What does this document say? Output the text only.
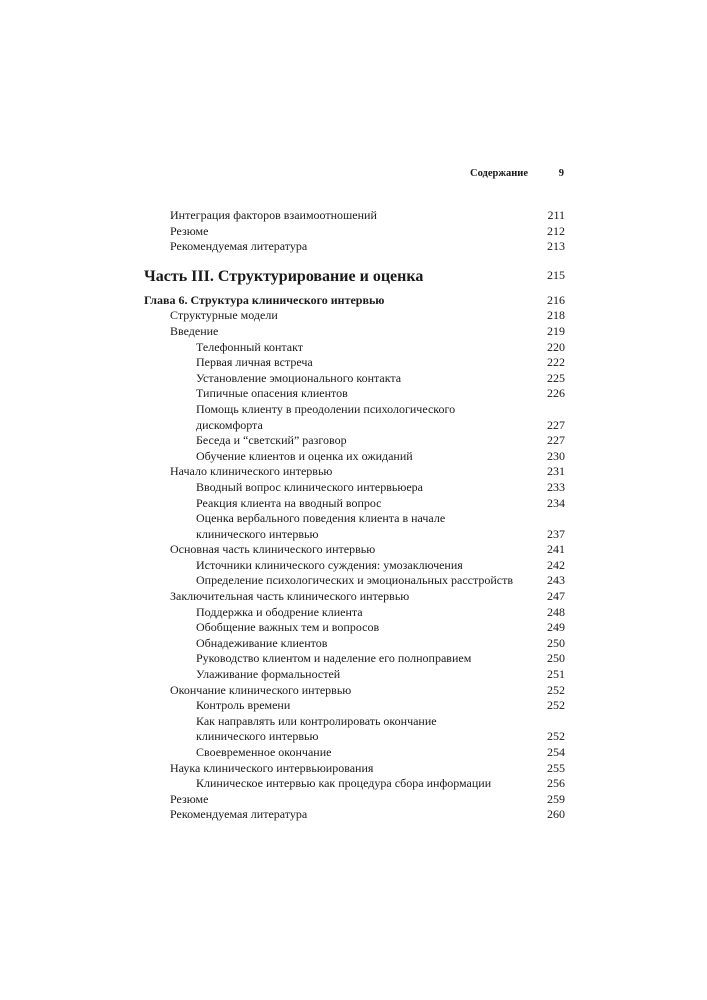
Содержание	9
Интеграция факторов взаимоотношений	211
Резюме	212
Рекомендуемая литература	213
Часть III. Структурирование и оценка	215
Глава 6. Структура клинического интервью	216
Структурные модели	218
Введение	219
Телефонный контакт	220
Первая личная встреча	222
Установление эмоционального контакта	225
Типичные опасения клиентов	226
Помощь клиенту в преодолении психологического
дискомфорта	227
Беседа и “светский” разговор	227
Обучение клиентов и оценка их ожиданий	230
Начало клинического интервью	231
Вводный вопрос клинического интервьюера	233
Реакция клиента на вводный вопрос	234
Оценка вербального поведения клиента в начале
клинического интервью	237
Основная часть клинического интервью	241
Источники клинического суждения: умозаключения	242
Определение психологических и эмоциональных расстройств	243
Заключительная часть клинического интервью	247
Поддержка и ободрение клиента	248
Обобщение важных тем и вопросов	249
Обнадеживание клиентов	250
Руководство клиентом и наделение его полноправием	250
Улаживание формальностей	251
Окончание клинического интервью	252
Контроль времени	252
Как направлять или контролировать окончание
клинического интервью	252
Своевременное окончание	254
Наука клинического интервьюирования	255
Клиническое интервью как процедура сбора информации	256
Резюме	259
Рекомендуемая литература	260
